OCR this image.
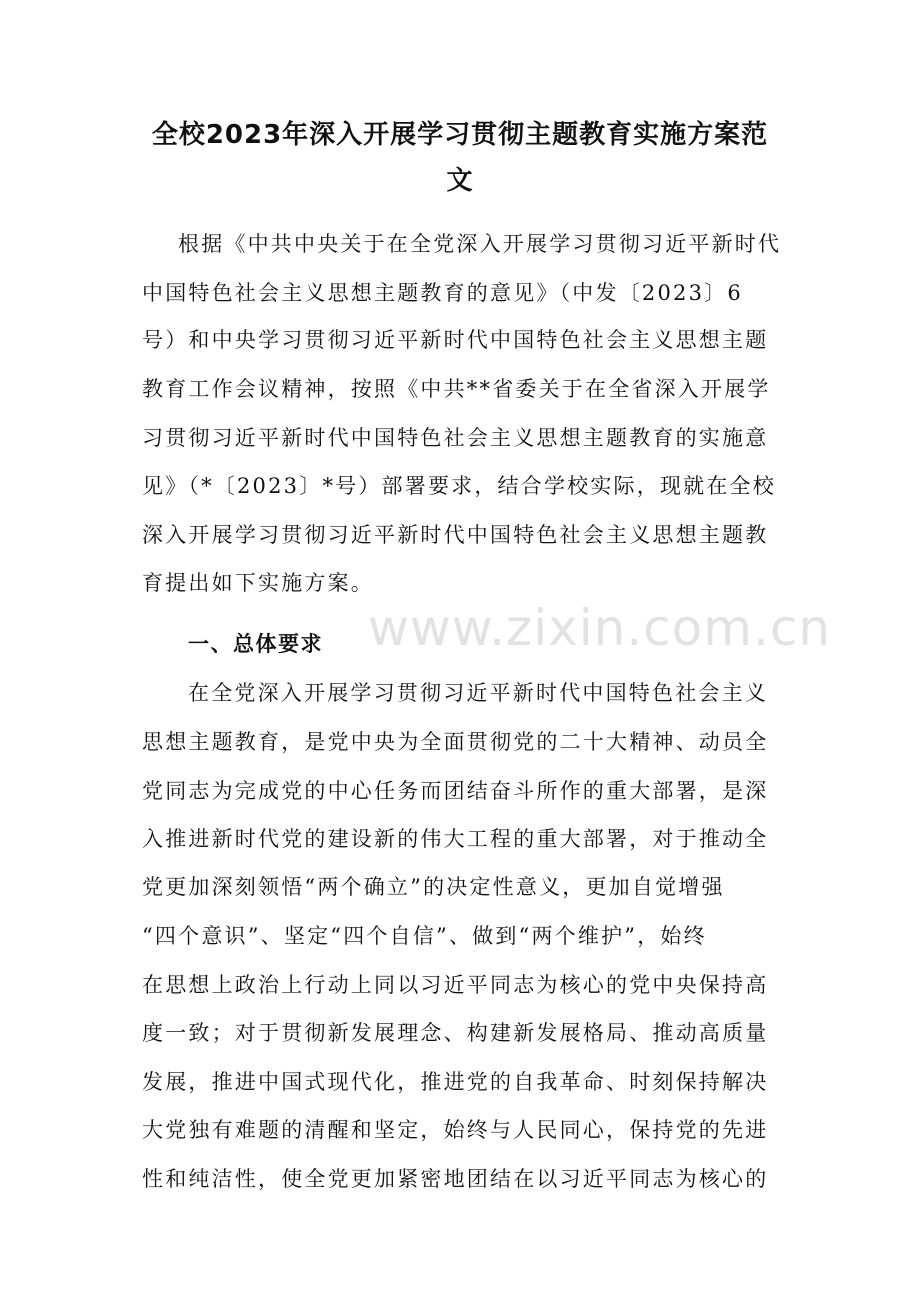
全校2023年深入开展学习贯彻主题教育实施方案范文
根据《中共中央关于在全党深入开展学习贯彻习近平新时代
中国特色社会主义思想主题教育的意见》（中发〔2023〕6
号）和中央学习贯彻习近平新时代中国特色社会主义思想主题
教育工作会议精神，按照《中共**省委关于在全省深入开展学
习贯彻习近平新时代中国特色社会主义思想主题教育的实施意
见》（*〔2023〕*号）部署要求，结合学校实际，现就在全校
深入开展学习贯彻习近平新时代中国特色社会主义思想主题教
育提出如下实施方案。
一、总体要求 www.zixin.com.cn
在全党深入开展学习贯彻习近平新时代中国特色社会主义
思想主题教育，是党中央为全面贯彻党的二十大精神、动员全
党同志为完成党的中心任务而团结奋斗所作的重大部署，是深
入推进新时代党的建设新的伟大工程的重大部署，对于推动全
党更加深刻领悟“两个确立”的决定性意义，更加自觉增强
“四个意识”、坚定“四个自信”、做到“两个维护”，始终
在思想上政治上行动上同以习近平同志为核心的党中央保持高
度一致；对于贯彻新发展理念、构建新发展格局、推动高质量
发展，推进中国式现代化，推进党的自我革命、时刻保持解决
大党独有难题的清醒和坚定，始终与人民同心，保持党的先进
性和纯洁性，使全党更加紧密地团结在以习近平同志为核心的
